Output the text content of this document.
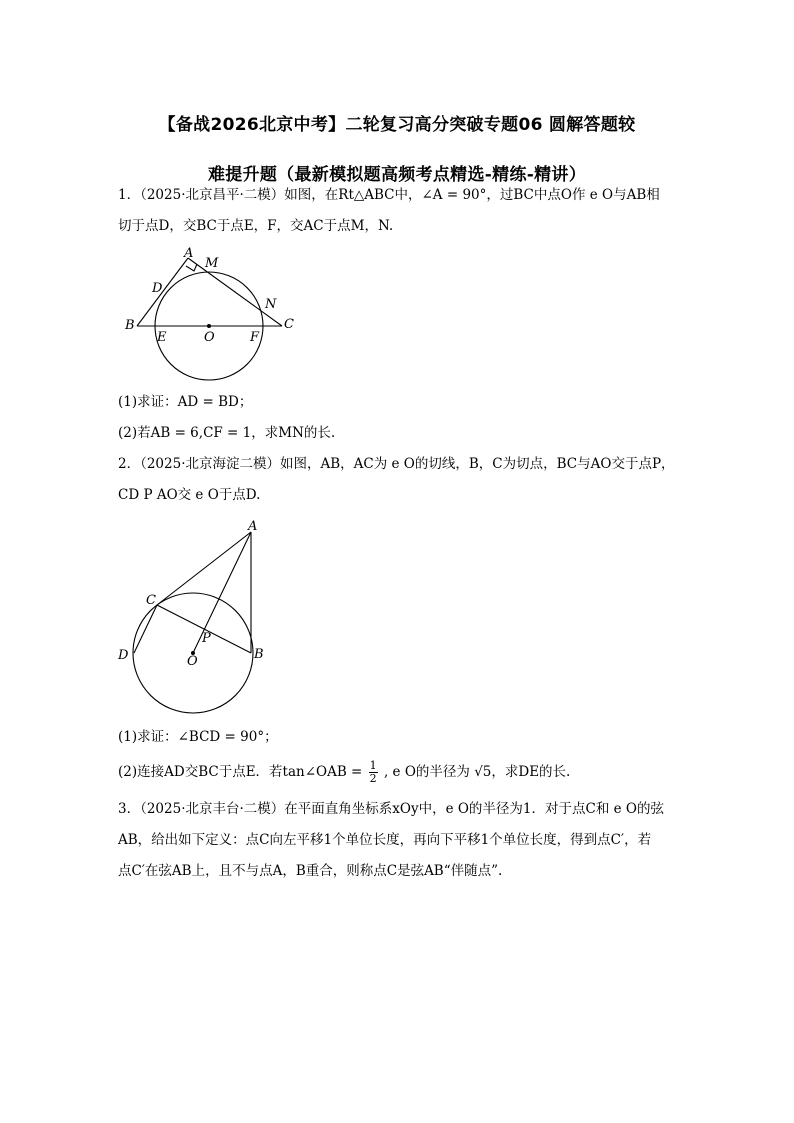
【备战2026北京中考】二轮复习高分突破专题06 圆解答题较
难提升题（最新模拟题高频考点精选-精练-精讲）
1．（2025·北京昌平·二模）如图，在Rt△ABC中，∠A = 90°，过BC中点O作 e O与AB相
切于点D，交BC于点E，F，交AC于点M，N.
A
M
D
N
B	C
E	O	F
(1)求证：AD = BD；
(2)若AB = 6,CF = 1，求MN的长.
2．（2025·北京海淀二模）如图，AB，AC为 e O的切线，B，C为切点，BC与AO交于点P，
CD P AO交 e O于点D.
A
C
P
D	O	B
(1)求证：∠BCD = 90°；
(2)连接AD交BC于点E．若tan∠OAB = $\frac{1}{2}$ , e O的半径为 √5，求DE的长.
3．（2025·北京丰台·二模）在平面直角坐标系xOy中，e O的半径为1．对于点C和 e O的弦
AB，给出如下定义：点C向左平移1个单位长度，再向下平移1个单位长度，得到点C′，若
点C′在弦AB上，且不与点A，B重合，则称点C是弦AB“伴随点”.
